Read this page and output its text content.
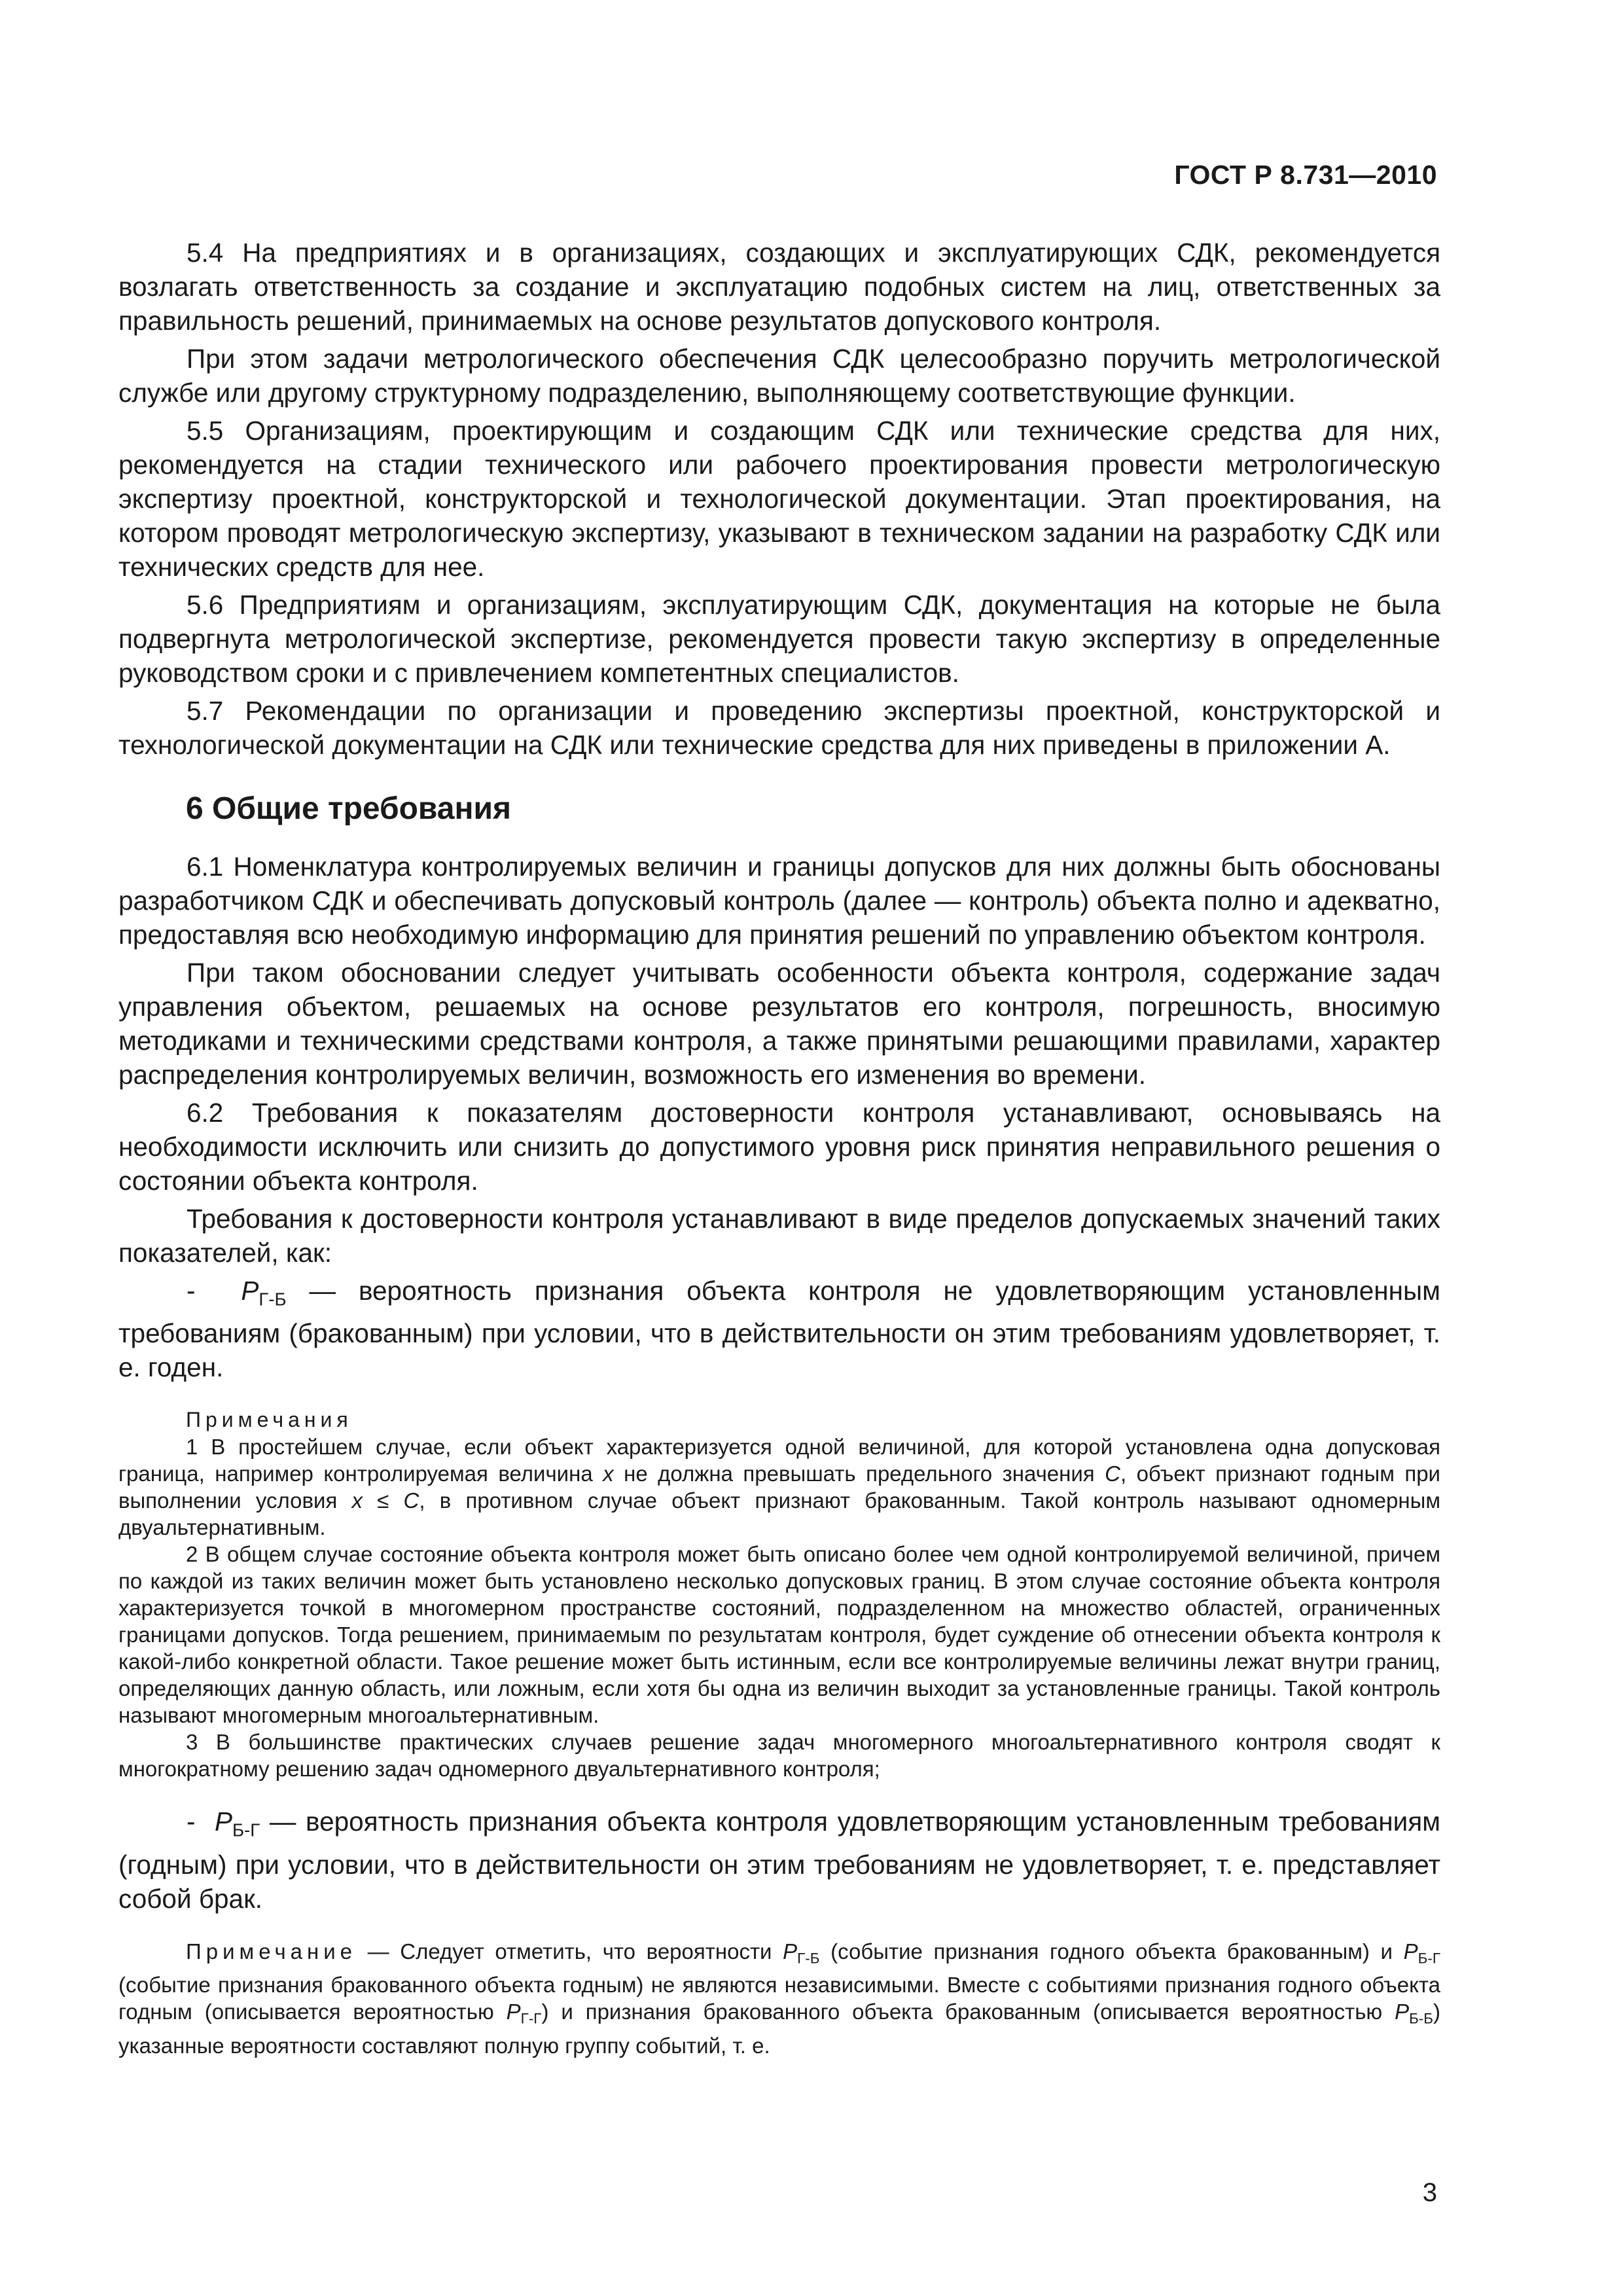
ГОСТ Р 8.731—2010

5.4 На предприятиях и в организациях, создающих и эксплуатирующих СДК, рекомендуется возлагать ответственность за создание и эксплуатацию подобных систем на лиц, ответственных за правильность решений, принимаемых на основе результатов допускового контроля.

При этом задачи метрологического обеспечения СДК целесообразно поручить метрологической службе или другому структурному подразделению, выполняющему соответствующие функции.

5.5 Организациям, проектирующим и создающим СДК или технические средства для них, рекомендуется на стадии технического или рабочего проектирования провести метрологическую экспертизу проектной, конструкторской и технологической документации. Этап проектирования, на котором проводят метрологическую экспертизу, указывают в техническом задании на разработку СДК или технических средств для нее.

5.6 Предприятиям и организациям, эксплуатирующим СДК, документация на которые не была подвергнута метрологической экспертизе, рекомендуется провести такую экспертизу в определенные руководством сроки и с привлечением компетентных специалистов.

5.7 Рекомендации по организации и проведению экспертизы проектной, конструкторской и технологической документации на СДК или технические средства для них приведены в приложении А.

6 Общие требования

6.1 Номенклатура контролируемых величин и границы допусков для них должны быть обоснованы разработчиком СДК и обеспечивать допусковый контроль (далее — контроль) объекта полно и адекватно, предоставляя всю необходимую информацию для принятия решений по управлению объектом контроля.

При таком обосновании следует учитывать особенности объекта контроля, содержание задач управления объектом, решаемых на основе результатов его контроля, погрешность, вносимую методиками и техническими средствами контроля, а также принятыми решающими правилами, характер распределения контролируемых величин, возможность его изменения во времени.

6.2 Требования к показателям достоверности контроля устанавливают, основываясь на необходимости исключить или снизить до допустимого уровня риск принятия неправильного решения о состоянии объекта контроля.

Требования к достоверности контроля устанавливают в виде пределов допускаемых значений таких показателей, как:

- $P_{Г-Б}$ — вероятность признания объекта контроля не удовлетворяющим установленным требованиям (бракованным) при условии, что в действительности он этим требованиям удовлетворяет, т. е. годен.

Примечания

1 В простейшем случае, если объект характеризуется одной величиной, для которой установлена одна допусковая граница, например контролируемая величина x не должна превышать предельного значения C, объект признают годным при выполнении условия x ≤ C, в противном случае объект признают бракованным. Такой контроль называют одномерным двуальтернативным.

2 В общем случае состояние объекта контроля может быть описано более чем одной контролируемой величиной, причем по каждой из таких величин может быть установлено несколько допусковых границ. В этом случае состояние объекта контроля характеризуется точкой в многомерном пространстве состояний, подразделенном на множество областей, ограниченных границами допусков. Тогда решением, принимаемым по результатам контроля, будет суждение об отнесении объекта контроля к какой-либо конкретной области. Такое решение может быть истинным, если все контролируемые величины лежат внутри границ, определяющих данную область, или ложным, если хотя бы одна из величин выходит за установленные границы. Такой контроль называют многомерным многоальтернативным.

3 В большинстве практических случаев решение задач многомерного многоальтернативного контроля сводят к многократному решению задач одномерного двуальтернативного контроля;

- $P_{Б-Г}$ — вероятность признания объекта контроля удовлетворяющим установленным требованиям (годным) при условии, что в действительности он этим требованиям не удовлетворяет, т. е. представляет собой брак.

Примечание — Следует отметить, что вероятности $P_{Г-Б}$ (событие признания годного объекта бракованным) и $P_{Б-Г}$ (событие признания бракованного объекта годным) не являются независимыми. Вместе с событиями признания годного объекта годным (описывается вероятностью $P_{Г-Г}$) и признания бракованного объекта бракованным (описывается вероятностью $P_{Б-Б}$) указанные вероятности составляют полную группу событий, т. е.

3
